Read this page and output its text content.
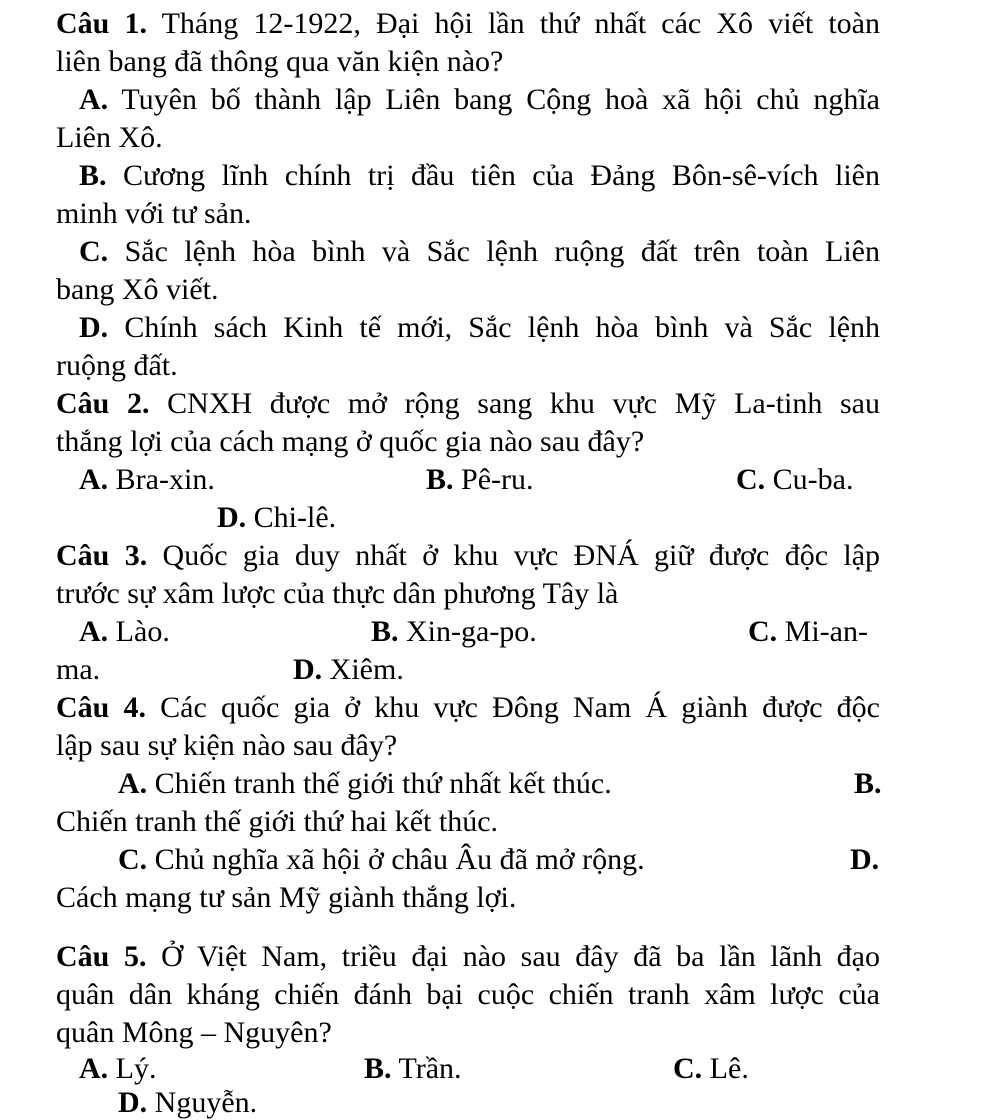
Câu 1. Tháng 12-1922, Đại hội lần thứ nhất các Xô viết toàn
liên bang đã thông qua văn kiện nào?
A. Tuyên bố thành lập Liên bang Cộng hoà xã hội chủ nghĩa
Liên Xô.
B. Cương lĩnh chính trị đầu tiên của Đảng Bôn-sê-vích liên
minh với tư sản.
C. Sắc lệnh hòa bình và Sắc lệnh ruộng đất trên toàn Liên
bang Xô viết.
D. Chính sách Kinh tế mới, Sắc lệnh hòa bình và Sắc lệnh
ruộng đất.
Câu 2. CNXH được mở rộng sang khu vực Mỹ La-tinh sau
thắng lợi của cách mạng ở quốc gia nào sau đây?
A. Bra-xin.	B. Pê-ru.	C. Cu-ba.
D. Chi-lê.
Câu 3. Quốc gia duy nhất ở khu vực ĐNÁ giữ được độc lập
trước sự xâm lược của thực dân phương Tây là
A. Lào.	B. Xin-ga-po.	C. Mi-an-
ma.	D. Xiêm.
Câu 4. Các quốc gia ở khu vực Đông Nam Á giành được độc
lập sau sự kiện nào sau đây?
A. Chiến tranh thế giới thứ nhất kết thúc.	B.
Chiến tranh thế giới thứ hai kết thúc.
C. Chủ nghĩa xã hội ở châu Âu đã mở rộng.	D.
Cách mạng tư sản Mỹ giành thắng lợi.
Câu 5. Ở Việt Nam, triều đại nào sau đây đã ba lần lãnh đạo
quân dân kháng chiến đánh bại cuộc chiến tranh xâm lược của
quân Mông – Nguyên?
A. Lý.	B. Trần.	C. Lê.
D. Nguyễn.
